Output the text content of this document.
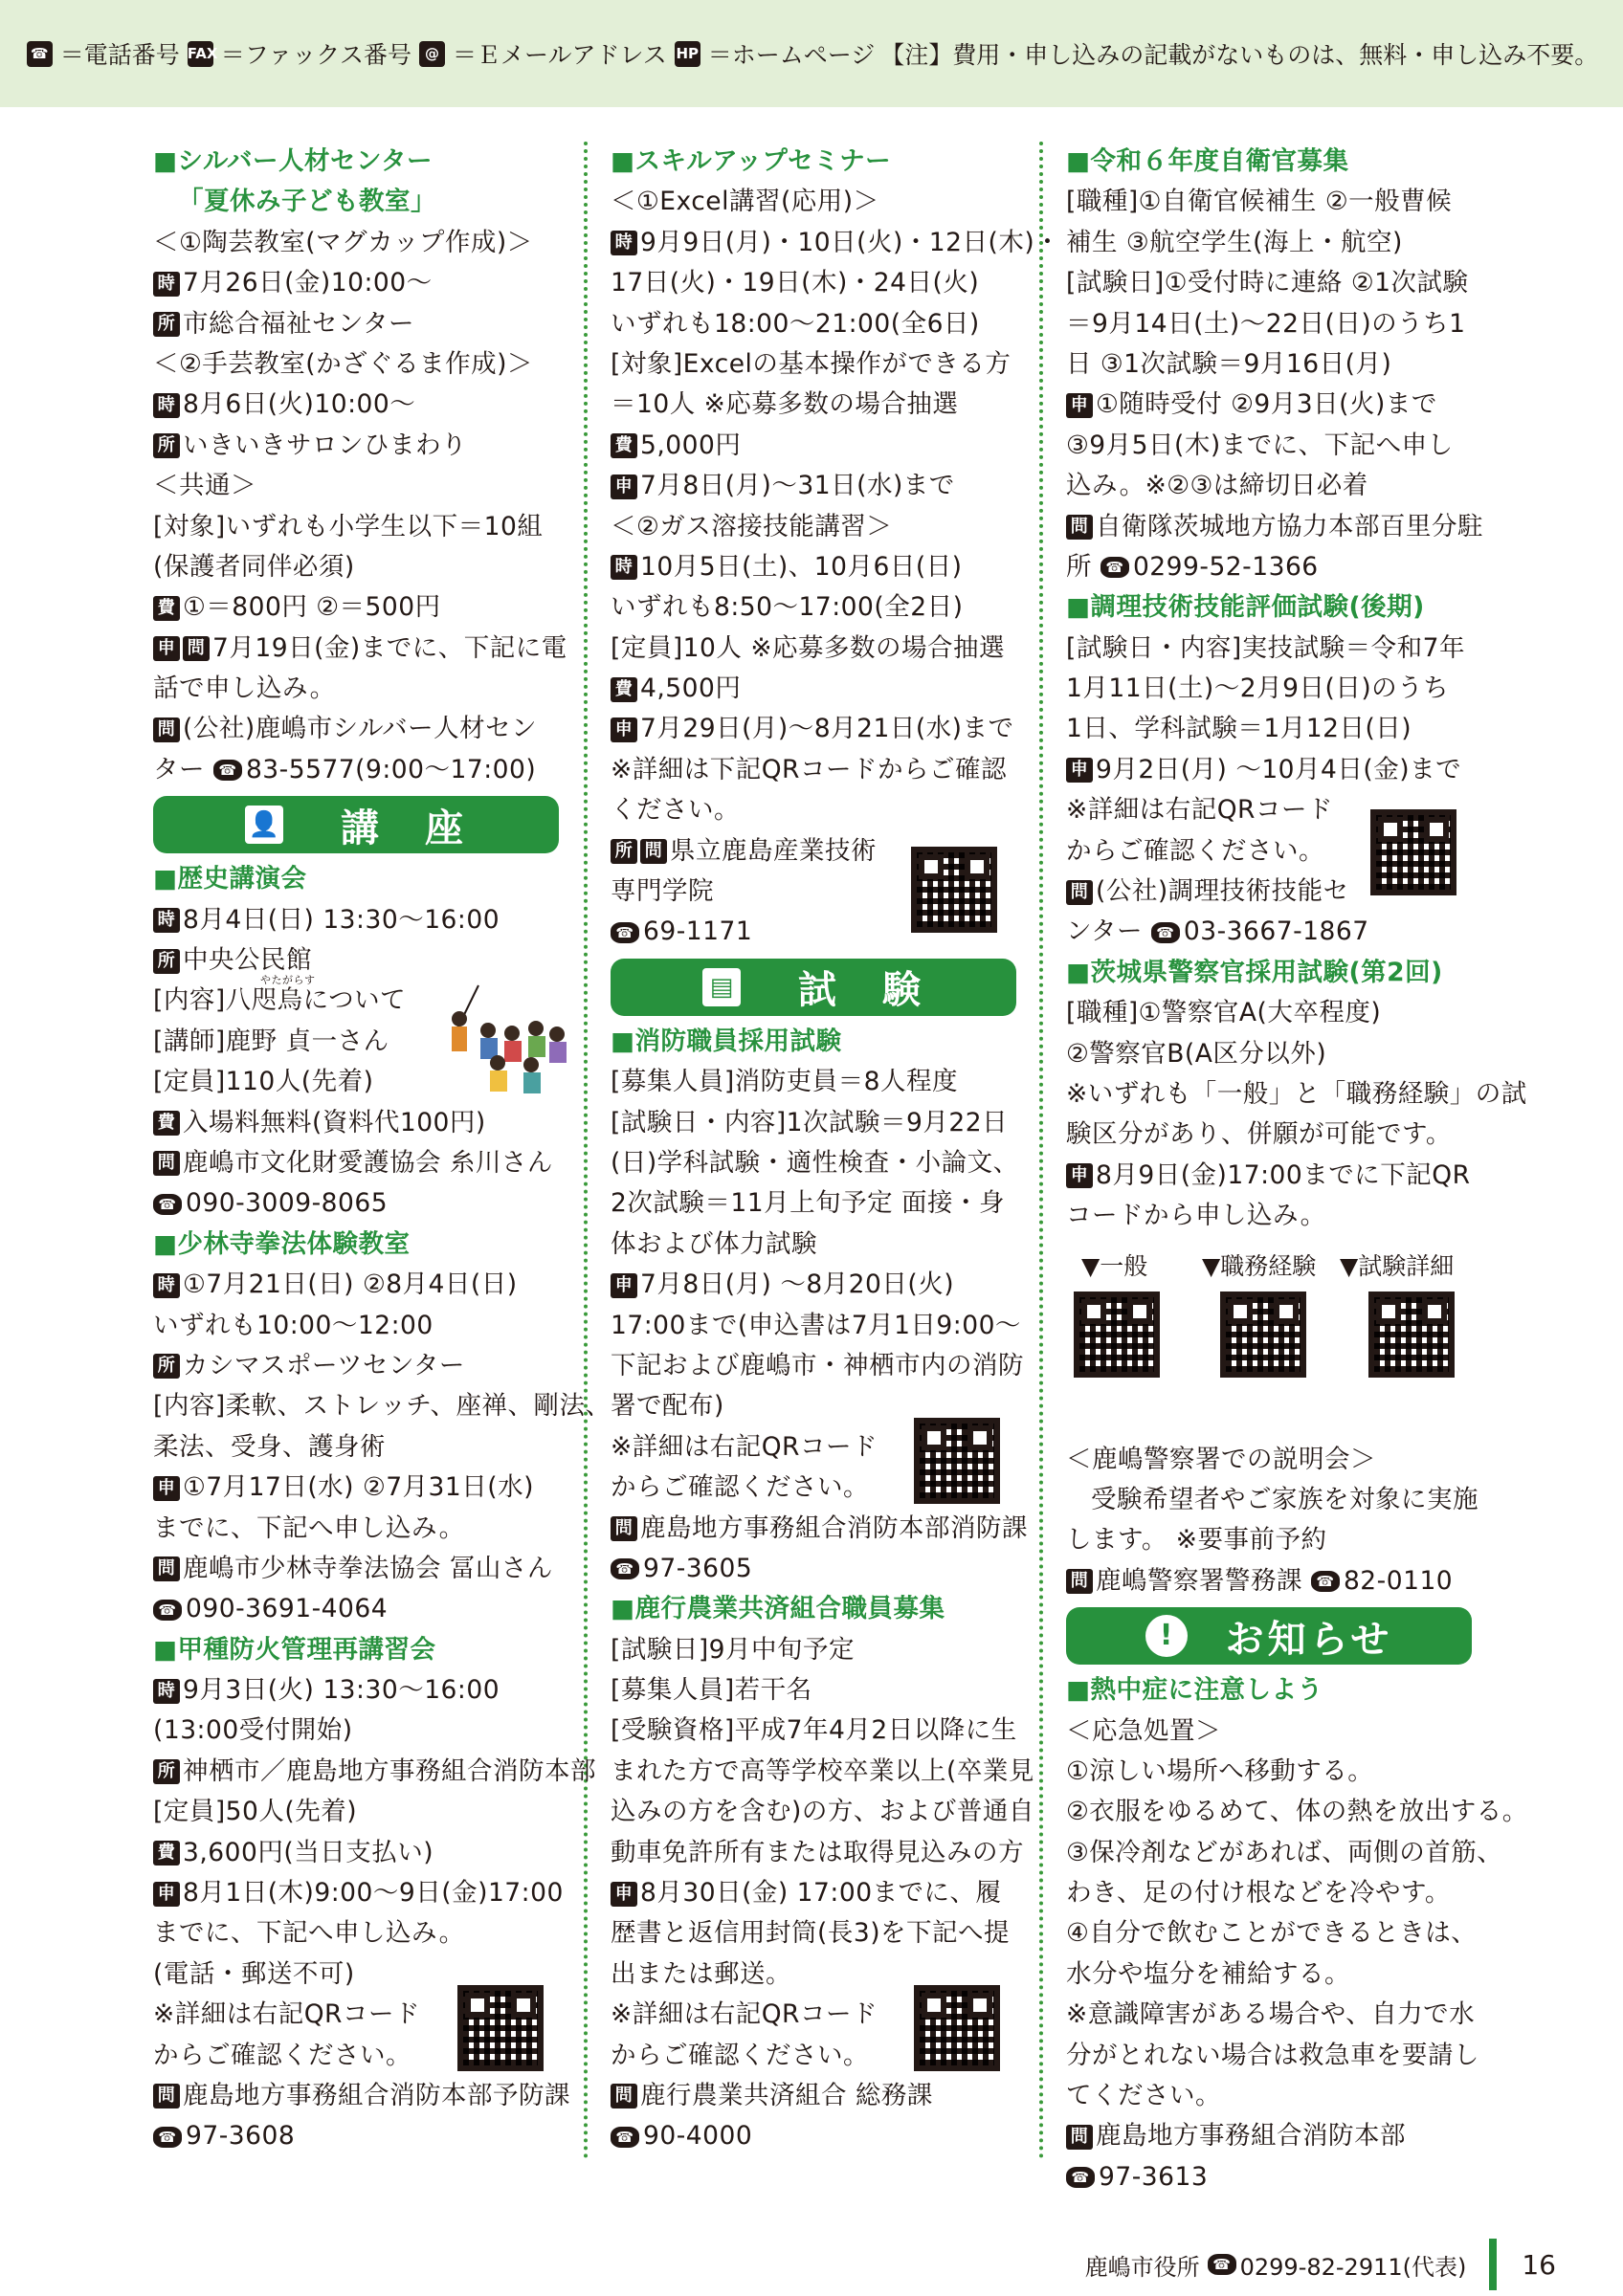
☎ ＝電話番号 FAX ＝ファックス番号 @ ＝Ｅメールアドレス HP ＝ホームページ 【注】費用・申し込みの記載がないものは、無料・申し込み不要。
■シルバー人材センター
「夏休み子ども教室」
＜①陶芸教室(マグカップ作成)＞
時 7月26日(金)10:00～
所 市総合福祉センター
＜②手芸教室(かざぐるま作成)＞
時 8月6日(火)10:00～
所 いきいきサロンひまわり
＜共通＞
[対象]いずれも小学生以下＝10組
(保護者同伴必須)
費 ①＝800円 ②＝500円
申 問 7月19日(金)までに、下記に電
話で申し込み。
問 (公社)鹿嶋市シルバー人材セン
ター ☎ 83-5577(9:00～17:00)
👤 講　座
■歴史講演会
時 8月4日(日) 13:30～16:00
所 中央公民館
[内容]八咫烏について
やたがらす
[講師]鹿野 貞一さん
[定員]110人(先着)
費 入場料無料(資料代100円)
問 鹿嶋市文化財愛護協会 糸川さん
☎ 090-3009-8065
■少林寺拳法体験教室
時 ①7月21日(日) ②8月4日(日)
いずれも10:00～12:00
所 カシマスポーツセンター
[内容]柔軟、ストレッチ、座禅、剛法、
柔法、受身、護身術
申 ①7月17日(水) ②7月31日(水)
までに、下記へ申し込み。
問 鹿嶋市少林寺拳法協会 冨山さん
☎ 090-3691-4064
■甲種防火管理再講習会
時 9月3日(火) 13:30～16:00
(13:00受付開始)
所 神栖市／鹿島地方事務組合消防本部
[定員]50人(先着)
費 3,600円(当日支払い)
申 8月1日(木)9:00～9日(金)17:00
までに、下記へ申し込み。
(電話・郵送不可)
※詳細は右記QRコード
からご確認ください。
問 鹿島地方事務組合消防本部予防課
☎ 97-3608
■スキルアップセミナー
＜①Excel講習(応用)＞
時 9月9日(月)・10日(火)・12日(木)・
17日(火)・19日(木)・24日(火)
いずれも18:00～21:00(全6日)
[対象]Excelの基本操作ができる方
＝10人 ※応募多数の場合抽選
費 5,000円
申 7月8日(月)～31日(水)まで
＜②ガス溶接技能講習＞
時 10月5日(土)、10月6日(日)
いずれも8:50～17:00(全2日)
[定員]10人 ※応募多数の場合抽選
費 4,500円
申 7月29日(月)～8月21日(水)まで
※詳細は下記QRコードからご確認
ください。
所 問 県立鹿島産業技術
専門学院
☎ 69-1171
▤ 試　験
■消防職員採用試験
[募集人員]消防吏員＝8人程度
[試験日・内容]1次試験＝9月22日
(日)学科試験・適性検査・小論文、
2次試験＝11月上旬予定 面接・身
体および体力試験
申 7月8日(月) ～8月20日(火)
17:00まで(申込書は7月1日9:00～
下記および鹿嶋市・神栖市内の消防
署で配布)
※詳細は右記QRコード
からご確認ください。
問 鹿島地方事務組合消防本部消防課
☎ 97-3605
■鹿行農業共済組合職員募集
[試験日]9月中旬予定
[募集人員]若干名
[受験資格]平成7年4月2日以降に生
まれた方で高等学校卒業以上(卒業見
込みの方を含む)の方、および普通自
動車免許所有または取得見込みの方
申 8月30日(金) 17:00までに、履
歴書と返信用封筒(長3)を下記へ提
出または郵送。
※詳細は右記QRコード
からご確認ください。
問 鹿行農業共済組合 総務課
☎ 90-4000
■令和６年度自衛官募集
[職種]①自衛官候補生 ②一般曹候
補生 ③航空学生(海上・航空)
[試験日]①受付時に連絡 ②1次試験
＝9月14日(土)～22日(日)のうち1
日 ③1次試験＝9月16日(月)
申 ①随時受付 ②9月3日(火)まで
③9月5日(木)までに、下記へ申し
込み。※②③は締切日必着
問 自衛隊茨城地方協力本部百里分駐
所 ☎ 0299-52-1366
■調理技術技能評価試験(後期)
[試験日・内容]実技試験＝令和7年
1月11日(土)～2月9日(日)のうち
1日、学科試験＝1月12日(日)
申 9月2日(月) ～10月4日(金)まで
※詳細は右記QRコード
からご確認ください。
問 (公社)調理技術技能セ
ンター ☎ 03-3667-1867
■茨城県警察官採用試験(第2回)
[職種]①警察官A(大卒程度)
②警察官B(A区分以外)
※いずれも「一般」と「職務経験」の試
験区分があり、併願が可能です。
申 8月9日(金)17:00までに下記QR
コードから申し込み。
＜鹿嶋警察署での説明会＞
受験希望者やご家族を対象に実施
します。 ※要事前予約
問 鹿嶋警察署警務課 ☎ 82-0110
!	お知らせ
■熱中症に注意しよう
＜応急処置＞
①涼しい場所へ移動する。
②衣服をゆるめて、体の熱を放出する。
③保冷剤などがあれば、両側の首筋、
わき、足の付け根などを冷やす。
④自分で飲むことができるときは、
水分や塩分を補給する。
※意識障害がある場合や、自力で水
分がとれない場合は救急車を要請し
てください。
問 鹿島地方事務組合消防本部
☎ 97-3613
▼一般 ▼職務経験 ▼試験詳細
鹿嶋市役所 ☎ 0299-82-2911(代表) 16
